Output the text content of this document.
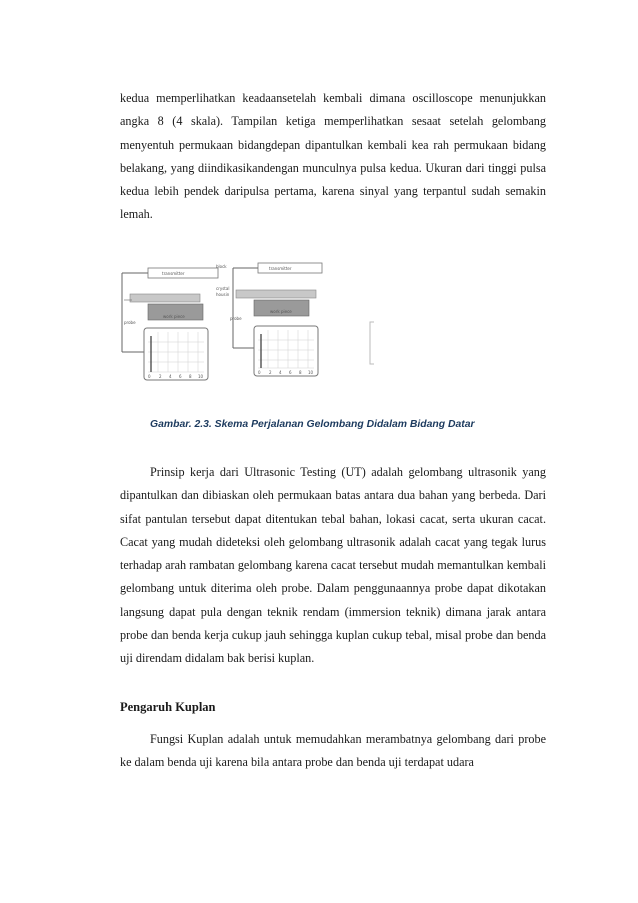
kedua memperlihatkan keadaansetelah kembali dimana oscilloscope menunjukkan angka 8 (4 skala). Tampilan ketiga memperlihatkan sesaat setelah gelombang menyentuh permukaan bidangdepan dipantulkan kembali kea rah permukaan bidang belakang, yang diindikasikandengan munculnya pulsa kedua. Ukuran dari tinggi pulsa kedua lebih pendek daripulsa pertama, karena sinyal yang terpantul sudah semakin lemah.

transmitter
work piece
probe
0 2 4 6 8 10
block	transmitter
crystal
housin
work piece
probe
0 2 4 6 8 10

Gambar. 2.3. Skema Perjalanan Gelombang Didalam Bidang Datar

Prinsip kerja dari Ultrasonic Testing (UT) adalah gelombang ultrasonik yang dipantulkan dan dibiaskan oleh permukaan batas antara dua bahan yang berbeda. Dari sifat pantulan tersebut dapat ditentukan tebal bahan, lokasi cacat, serta ukuran cacat. Cacat yang mudah dideteksi oleh gelombang ultrasonik adalah cacat yang tegak lurus terhadap arah rambatan gelombang karena cacat tersebut mudah memantulkan kembali gelombang untuk diterima oleh probe. Dalam penggunaannya probe dapat dikotakan langsung dapat pula dengan teknik rendam (immersion teknik) dimana jarak antara probe dan benda kerja cukup jauh sehingga kuplan cukup tebal, misal probe dan benda uji direndam didalam bak berisi kuplan.

Pengaruh Kuplan

Fungsi Kuplan adalah untuk memudahkan merambatnya gelombang dari probe ke dalam benda uji karena bila antara probe dan benda uji terdapat udara
